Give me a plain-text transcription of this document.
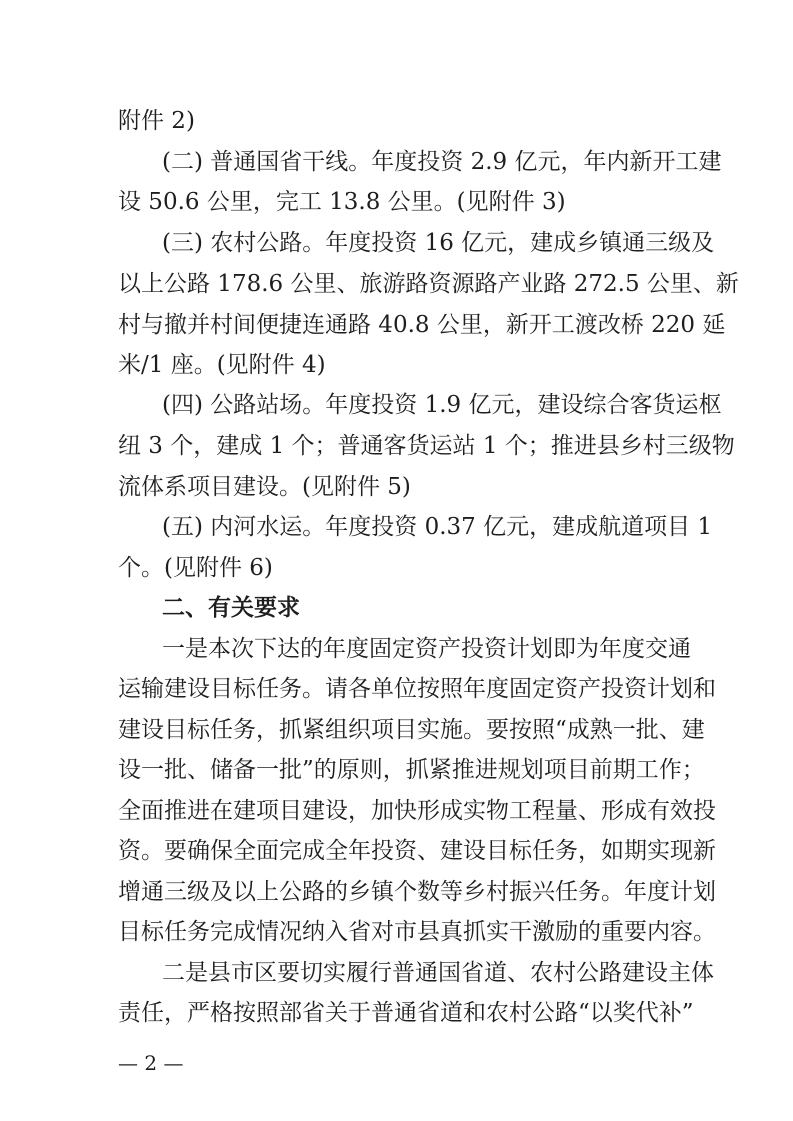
附件 2)
(二) 普通国省干线。年度投资 2.9 亿元，年内新开工建
设 50.6 公里，完工 13.8 公里。(见附件 3)
(三) 农村公路。年度投资 16 亿元，建成乡镇通三级及
以上公路 178.6 公里、旅游路资源路产业路 272.5 公里、新
村与撤并村间便捷连通路 40.8 公里，新开工渡改桥 220 延
米/1 座。(见附件 4)
(四) 公路站场。年度投资 1.9 亿元，建设综合客货运枢
纽 3 个，建成 1 个；普通客货运站 1 个；推进县乡村三级物
流体系项目建设。(见附件 5)
(五) 内河水运。年度投资 0.37 亿元，建成航道项目 1
个。(见附件 6)
二、有关要求
一是本次下达的年度固定资产投资计划即为年度交通
运输建设目标任务。请各单位按照年度固定资产投资计划和
建设目标任务，抓紧组织项目实施。要按照“成熟一批、建
设一批、储备一批”的原则，抓紧推进规划项目前期工作；
全面推进在建项目建设，加快形成实物工程量、形成有效投
资。要确保全面完成全年投资、建设目标任务，如期实现新
增通三级及以上公路的乡镇个数等乡村振兴任务。年度计划
目标任务完成情况纳入省对市县真抓实干激励的重要内容。
二是县市区要切实履行普通国省道、农村公路建设主体
责任，严格按照部省关于普通省道和农村公路“以奖代补”
— 2 —
